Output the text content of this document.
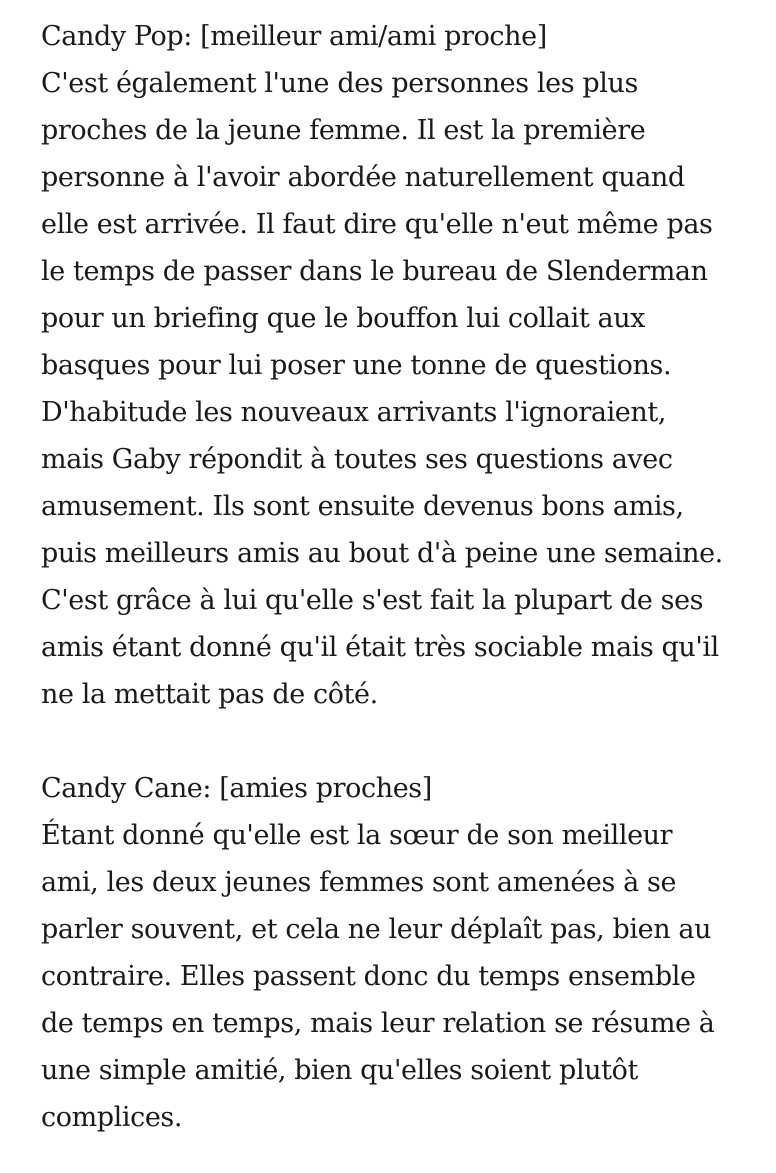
Candy Pop: [meilleur ami/ami proche]
C'est également l'une des personnes les plus
proches de la jeune femme. Il est la première
personne à l'avoir abordée naturellement quand
elle est arrivée. Il faut dire qu'elle n'eut même pas
le temps de passer dans le bureau de Slenderman
pour un briefing que le bouffon lui collait aux
basques pour lui poser une tonne de questions.
D'habitude les nouveaux arrivants l'ignoraient,
mais Gaby répondit à toutes ses questions avec
amusement. Ils sont ensuite devenus bons amis,
puis meilleurs amis au bout d'à peine une semaine.
C'est grâce à lui qu'elle s'est fait la plupart de ses
amis étant donné qu'il était très sociable mais qu'il
ne la mettait pas de côté.
Candy Cane: [amies proches]
Étant donné qu'elle est la sœur de son meilleur
ami, les deux jeunes femmes sont amenées à se
parler souvent, et cela ne leur déplaît pas, bien au
contraire. Elles passent donc du temps ensemble
de temps en temps, mais leur relation se résume à
une simple amitié, bien qu'elles soient plutôt
complices.
